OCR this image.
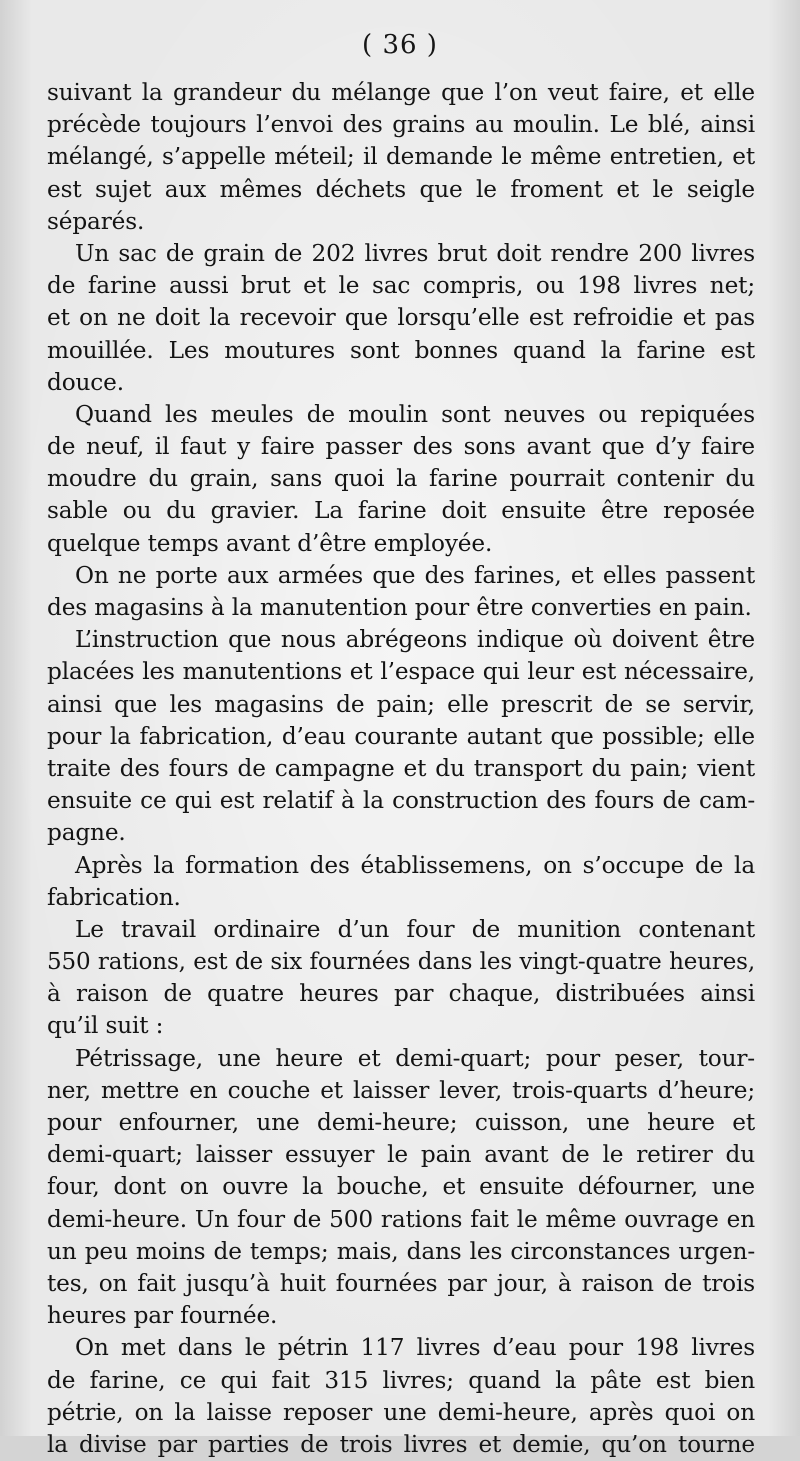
( 36 )
suivant la grandeur du mélange que l’on veut faire, et elle
précède toujours l’envoi des grains au moulin. Le blé, ainsi
mélangé, s’appelle méteil; il demande le même entretien, et
est sujet aux mêmes déchets que le froment et le seigle
séparés.
Un sac de grain de 202 livres brut doit rendre 200 livres
de farine aussi brut et le sac compris, ou 198 livres net;
et on ne doit la recevoir que lorsqu’elle est refroidie et pas
mouillée. Les moutures sont bonnes quand la farine est
douce.
Quand les meules de moulin sont neuves ou repiquées
de neuf, il faut y faire passer des sons avant que d’y faire
moudre du grain, sans quoi la farine pourrait contenir du
sable ou du gravier. La farine doit ensuite être reposée
quelque temps avant d’être employée.
On ne porte aux armées que des farines, et elles passent
des magasins à la manutention pour être converties en pain.
L’instruction que nous abrégeons indique où doivent être
placées les manutentions et l’espace qui leur est nécessaire,
ainsi que les magasins de pain; elle prescrit de se servir,
pour la fabrication, d’eau courante autant que possible; elle
traite des fours de campagne et du transport du pain; vient
ensuite ce qui est relatif à la construction des fours de cam-
pagne.
Après la formation des établissemens, on s’occupe de la
fabrication.
Le travail ordinaire d’un four de munition contenant
550 rations, est de six fournées dans les vingt-quatre heures,
à raison de quatre heures par chaque, distribuées ainsi
qu’il suit :
Pétrissage, une heure et demi-quart; pour peser, tour-
ner, mettre en couche et laisser lever, trois-quarts d’heure;
pour enfourner, une demi-heure; cuisson, une heure et
demi-quart; laisser essuyer le pain avant de le retirer du
four, dont on ouvre la bouche, et ensuite défourner, une
demi-heure. Un four de 500 rations fait le même ouvrage en
un peu moins de temps; mais, dans les circonstances urgen-
tes, on fait jusqu’à huit fournées par jour, à raison de trois
heures par fournée.
On met dans le pétrin 117 livres d’eau pour 198 livres
de farine, ce qui fait 315 livres; quand la pâte est bien
pétrie, on la laisse reposer une demi-heure, après quoi on
la divise par parties de trois livres et demie, qu’on tourne
